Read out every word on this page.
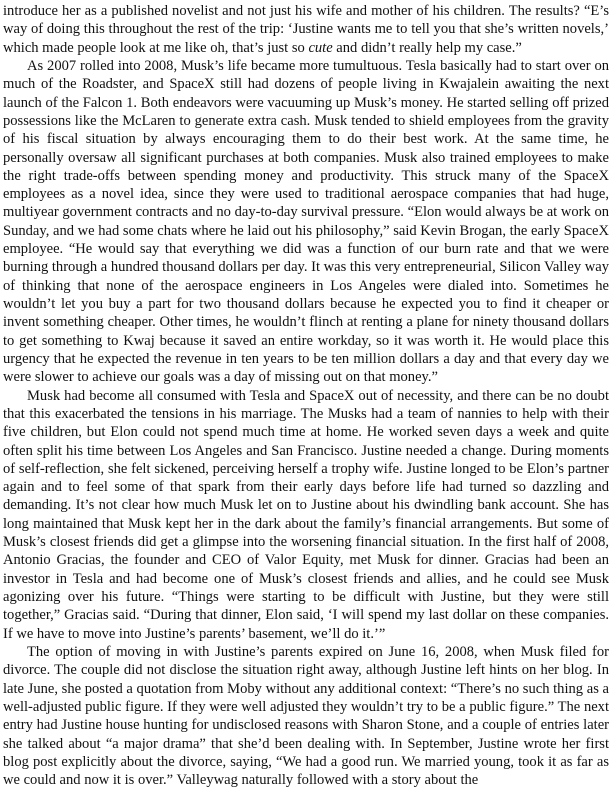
introduce her as a published novelist and not just his wife and mother of his children. The results? “E’s way of doing this throughout the rest of the trip: ‘Justine wants me to tell you that she’s written novels,’ which made people look at me like oh, that’s just so cute and didn’t really help my case.”

As 2007 rolled into 2008, Musk’s life became more tumultuous. Tesla basically had to start over on much of the Roadster, and SpaceX still had dozens of people living in Kwajalein awaiting the next launch of the Falcon 1. Both endeavors were vacuuming up Musk’s money. He started selling off prized possessions like the McLaren to generate extra cash. Musk tended to shield employees from the gravity of his fiscal situation by always encouraging them to do their best work. At the same time, he personally oversaw all significant purchases at both companies. Musk also trained employees to make the right trade-offs between spending money and productivity. This struck many of the SpaceX employees as a novel idea, since they were used to traditional aerospace companies that had huge, multiyear government contracts and no day-to-day survival pressure. “Elon would always be at work on Sunday, and we had some chats where he laid out his philosophy,” said Kevin Brogan, the early SpaceX employee. “He would say that everything we did was a function of our burn rate and that we were burning through a hundred thousand dollars per day. It was this very entrepreneurial, Silicon Valley way of thinking that none of the aerospace engineers in Los Angeles were dialed into. Sometimes he wouldn’t let you buy a part for two thousand dollars because he expected you to find it cheaper or invent something cheaper. Other times, he wouldn’t flinch at renting a plane for ninety thousand dollars to get something to Kwaj because it saved an entire workday, so it was worth it. He would place this urgency that he expected the revenue in ten years to be ten million dollars a day and that every day we were slower to achieve our goals was a day of missing out on that money.”

Musk had become all consumed with Tesla and SpaceX out of necessity, and there can be no doubt that this exacerbated the tensions in his marriage. The Musks had a team of nannies to help with their five children, but Elon could not spend much time at home. He worked seven days a week and quite often split his time between Los Angeles and San Francisco. Justine needed a change. During moments of self-reflection, she felt sickened, perceiving herself a trophy wife. Justine longed to be Elon’s partner again and to feel some of that spark from their early days before life had turned so dazzling and demanding. It’s not clear how much Musk let on to Justine about his dwindling bank account. She has long maintained that Musk kept her in the dark about the family’s financial arrangements. But some of Musk’s closest friends did get a glimpse into the worsening financial situation. In the first half of 2008, Antonio Gracias, the founder and CEO of Valor Equity, met Musk for dinner. Gracias had been an investor in Tesla and had become one of Musk’s closest friends and allies, and he could see Musk agonizing over his future. “Things were starting to be difficult with Justine, but they were still together,” Gracias said. “During that dinner, Elon said, ‘I will spend my last dollar on these companies. If we have to move into Justine’s parents’ basement, we’ll do it.’”

The option of moving in with Justine’s parents expired on June 16, 2008, when Musk filed for divorce. The couple did not disclose the situation right away, although Justine left hints on her blog. In late June, she posted a quotation from Moby without any additional context: “There’s no such thing as a well-adjusted public figure. If they were well adjusted they wouldn’t try to be a public figure.” The next entry had Justine house hunting for undisclosed reasons with Sharon Stone, and a couple of entries later she talked about “a major drama” that she’d been dealing with. In September, Justine wrote her first blog post explicitly about the divorce, saying, “We had a good run. We married young, took it as far as we could and now it is over.” Valleywag naturally followed with a story about the
